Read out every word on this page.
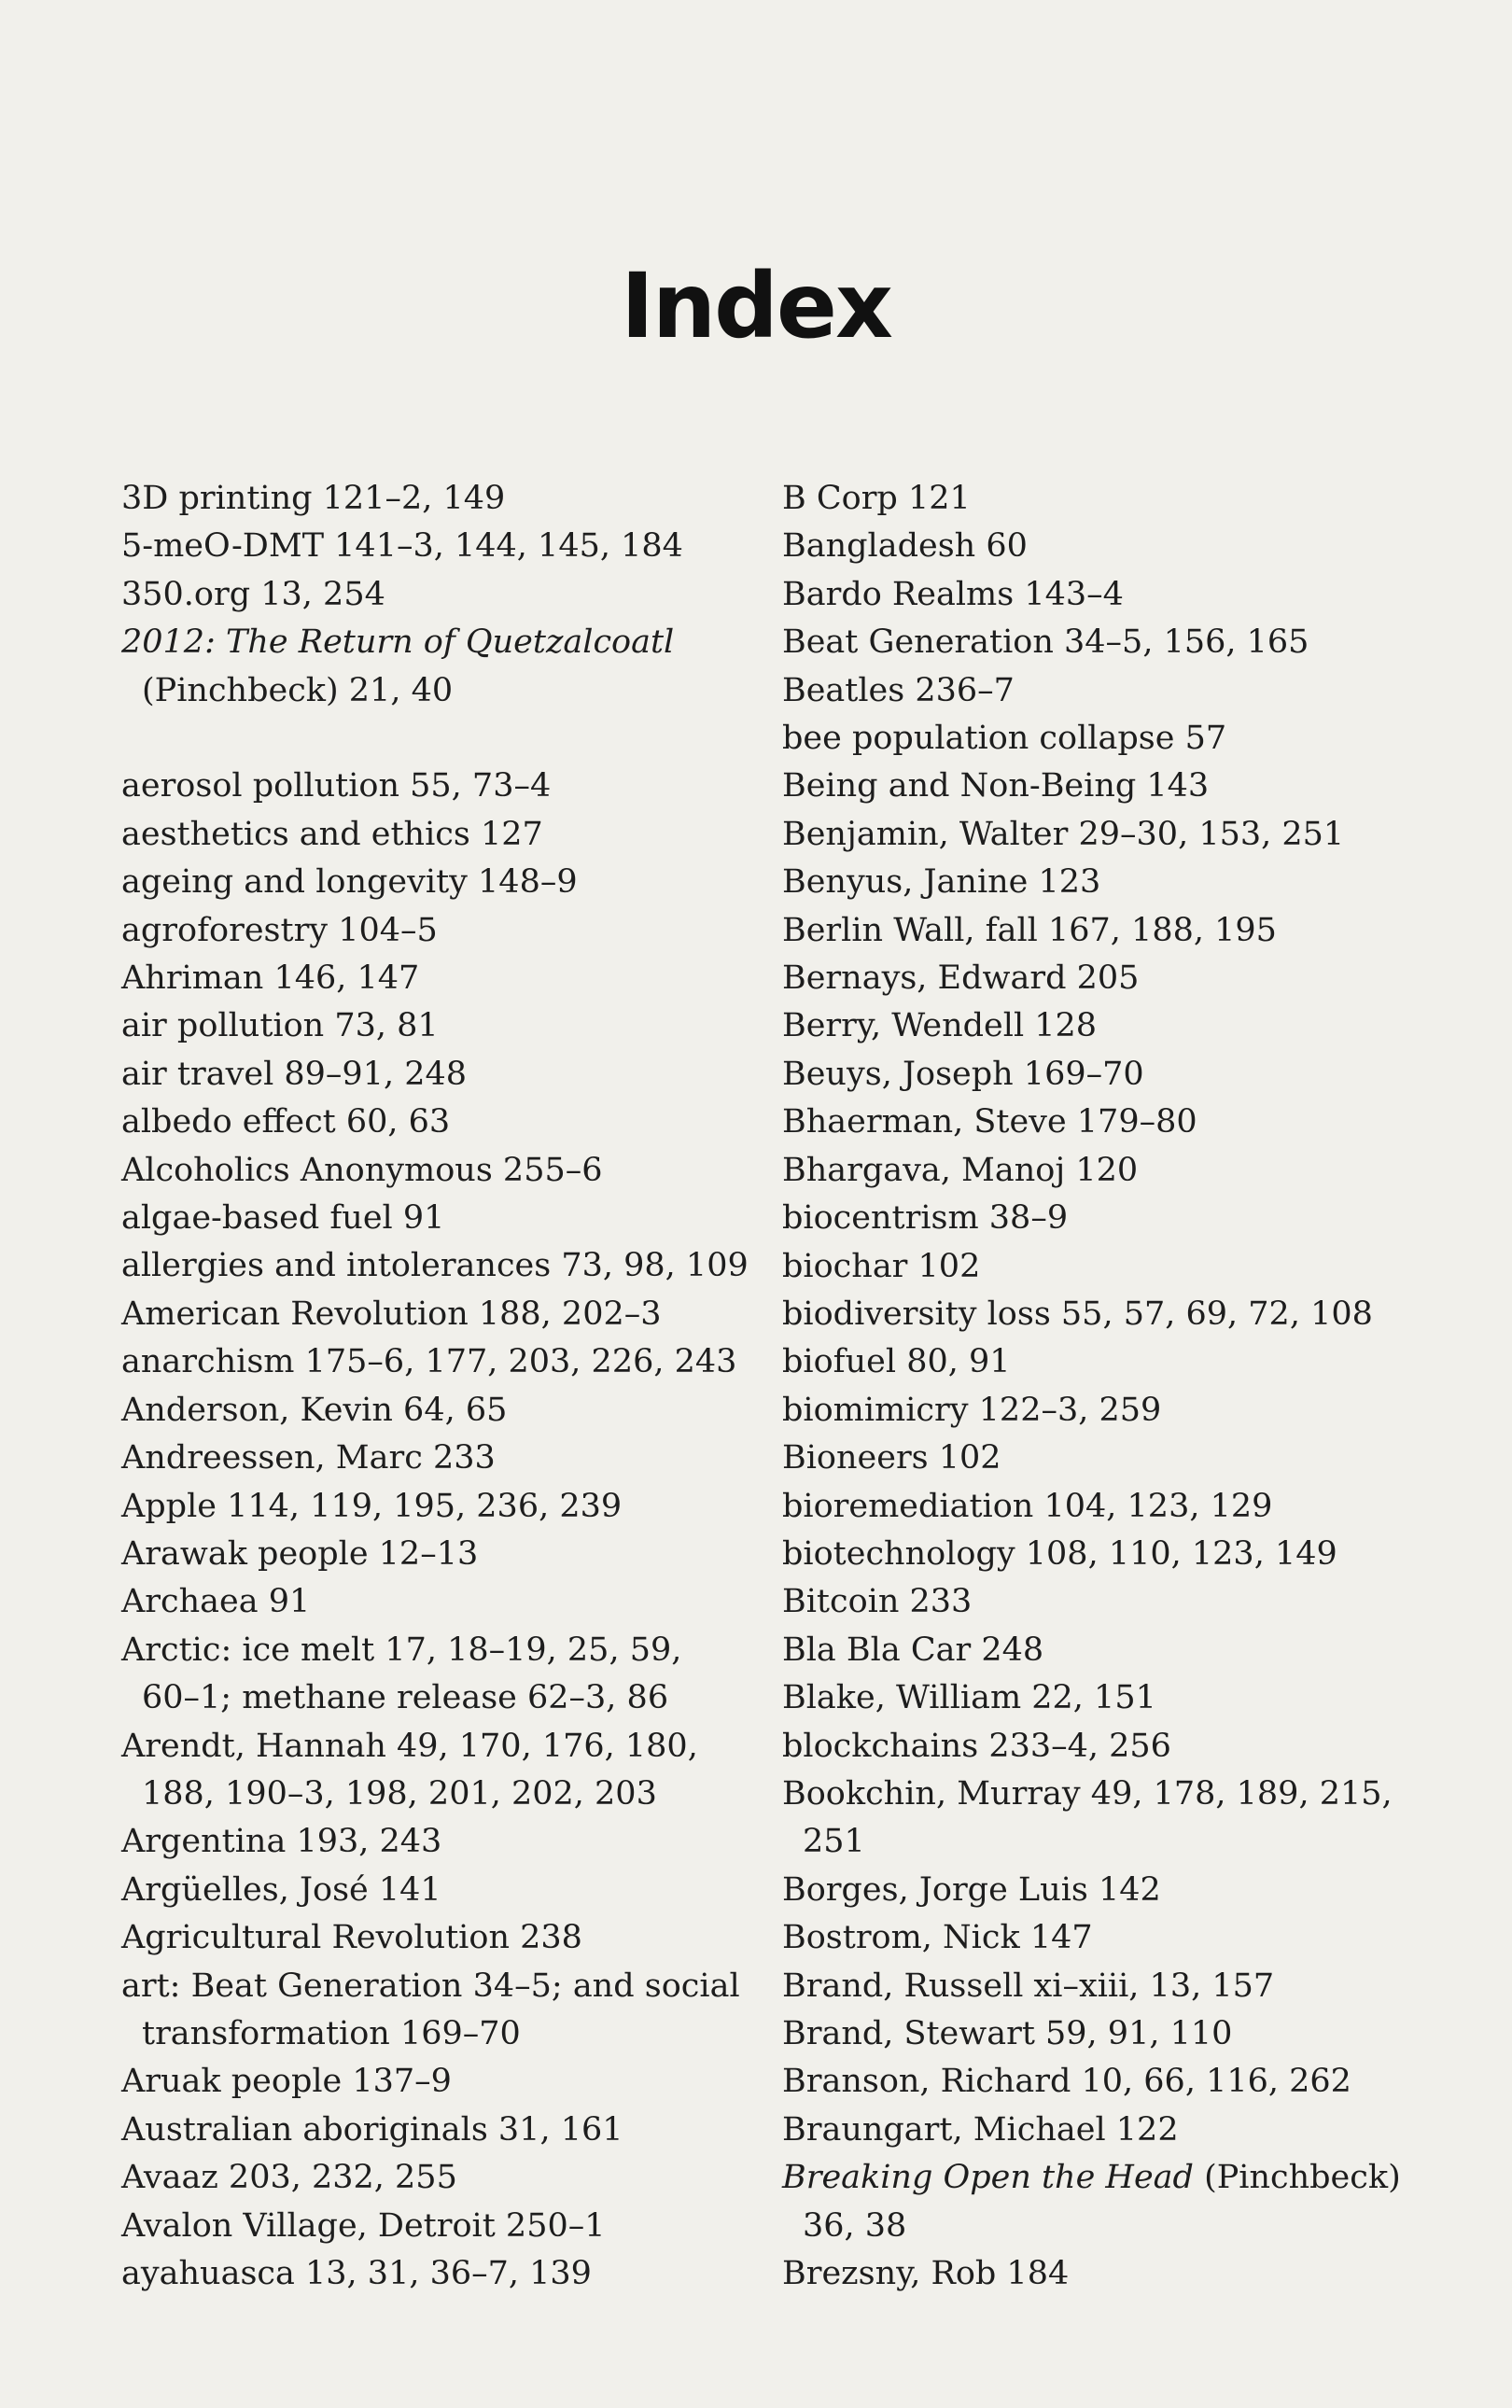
Index
3D printing 121–2, 149
5-meO-DMT 141–3, 144, 145, 184
350.org 13, 254
2012: The Return of Quetzalcoatl
(Pinchbeck) 21, 40
aerosol pollution 55, 73–4
aesthetics and ethics 127
ageing and longevity 148–9
agroforestry 104–5
Ahriman 146, 147
air pollution 73, 81
air travel 89–91, 248
albedo effect 60, 63
Alcoholics Anonymous 255–6
algae-based fuel 91
allergies and intolerances 73, 98, 109
American Revolution 188, 202–3
anarchism 175–6, 177, 203, 226, 243
Anderson, Kevin 64, 65
Andreessen, Marc 233
Apple 114, 119, 195, 236, 239
Arawak people 12–13
Archaea 91
Arctic: ice melt 17, 18–19, 25, 59,
60–1; methane release 62–3, 86
Arendt, Hannah 49, 170, 176, 180,
188, 190–3, 198, 201, 202, 203
Argentina 193, 243
Argüelles, José 141
Agricultural Revolution 238
art: Beat Generation 34–5; and social
transformation 169–70
Aruak people 137–9
Australian aboriginals 31, 161
Avaaz 203, 232, 255
Avalon Village, Detroit 250–1
ayahuasca 13, 31, 36–7, 139
B Corp 121
Bangladesh 60
Bardo Realms 143–4
Beat Generation 34–5, 156, 165
Beatles 236–7
bee population collapse 57
Being and Non-Being 143
Benjamin, Walter 29–30, 153, 251
Benyus, Janine 123
Berlin Wall, fall 167, 188, 195
Bernays, Edward 205
Berry, Wendell 128
Beuys, Joseph 169–70
Bhaerman, Steve 179–80
Bhargava, Manoj 120
biocentrism 38–9
biochar 102
biodiversity loss 55, 57, 69, 72, 108
biofuel 80, 91
biomimicry 122–3, 259
Bioneers 102
bioremediation 104, 123, 129
biotechnology 108, 110, 123, 149
Bitcoin 233
Bla Bla Car 248
Blake, William 22, 151
blockchains 233–4, 256
Bookchin, Murray 49, 178, 189, 215,
251
Borges, Jorge Luis 142
Bostrom, Nick 147
Brand, Russell xi–xiii, 13, 157
Brand, Stewart 59, 91, 110
Branson, Richard 10, 66, 116, 262
Braungart, Michael 122
Breaking Open the Head (Pinchbeck)
36, 38
Brezsny, Rob 184
